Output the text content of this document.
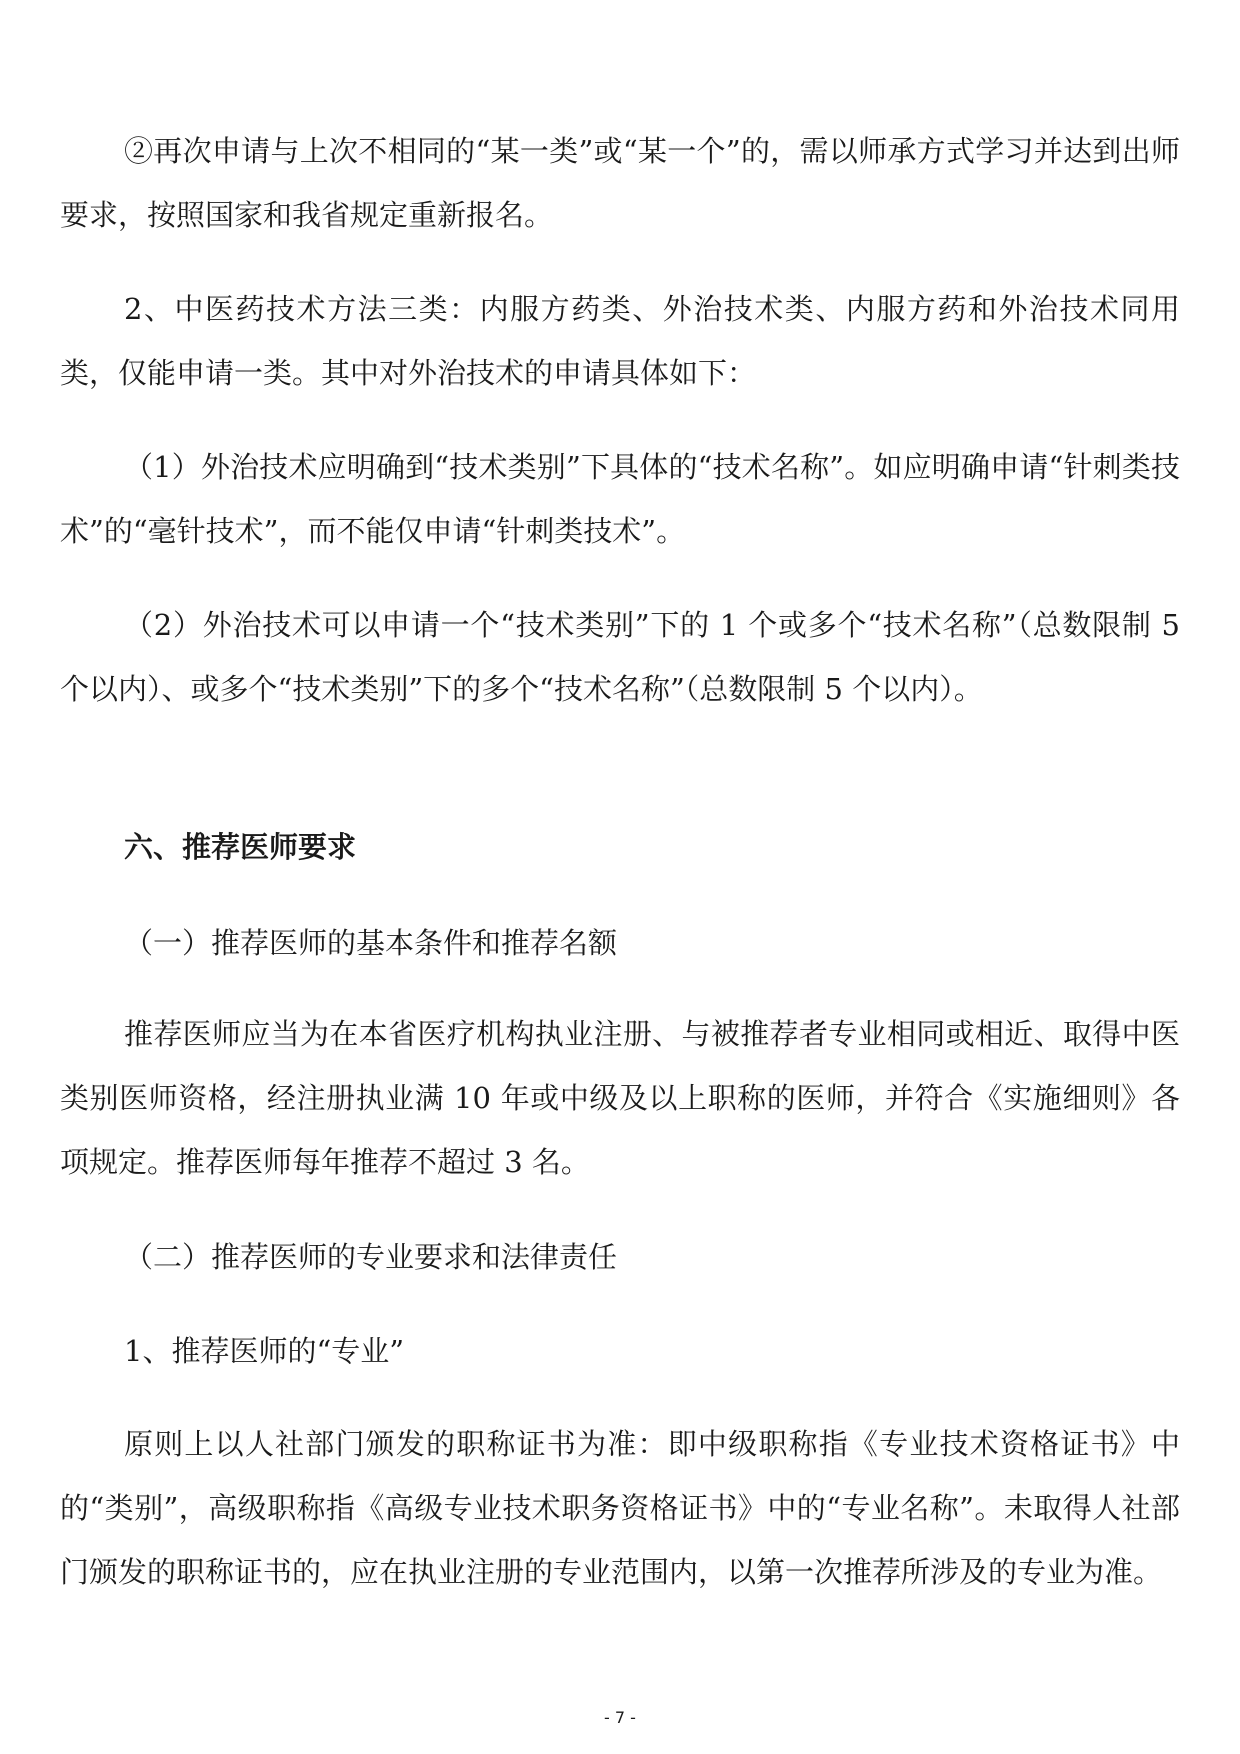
②再次申请与上次不相同的“某一类”或“某一个”的，需以师承方式学习并达到出师要求，按照国家和我省规定重新报名。

2、中医药技术方法三类：内服方药类、外治技术类、内服方药和外治技术同用类，仅能申请一类。其中对外治技术的申请具体如下：

（1）外治技术应明确到“技术类别”下具体的“技术名称”。如应明确申请“针刺类技术”的“毫针技术”，而不能仅申请“针刺类技术”。

（2）外治技术可以申请一个“技术类别”下的 1 个或多个“技术名称”（总数限制 5 个以内）、或多个“技术类别”下的多个“技术名称”（总数限制 5 个以内）。

六、推荐医师要求

（一）推荐医师的基本条件和推荐名额

推荐医师应当为在本省医疗机构执业注册、与被推荐者专业相同或相近、取得中医类别医师资格，经注册执业满 10 年或中级及以上职称的医师，并符合《实施细则》各项规定。推荐医师每年推荐不超过 3 名。

（二）推荐医师的专业要求和法律责任

1、推荐医师的“专业”

原则上以人社部门颁发的职称证书为准：即中级职称指《专业技术资格证书》中的“类别”，高级职称指《高级专业技术职务资格证书》中的“专业名称”。未取得人社部门颁发的职称证书的，应在执业注册的专业范围内，以第一次推荐所涉及的专业为准。

- 7 -
